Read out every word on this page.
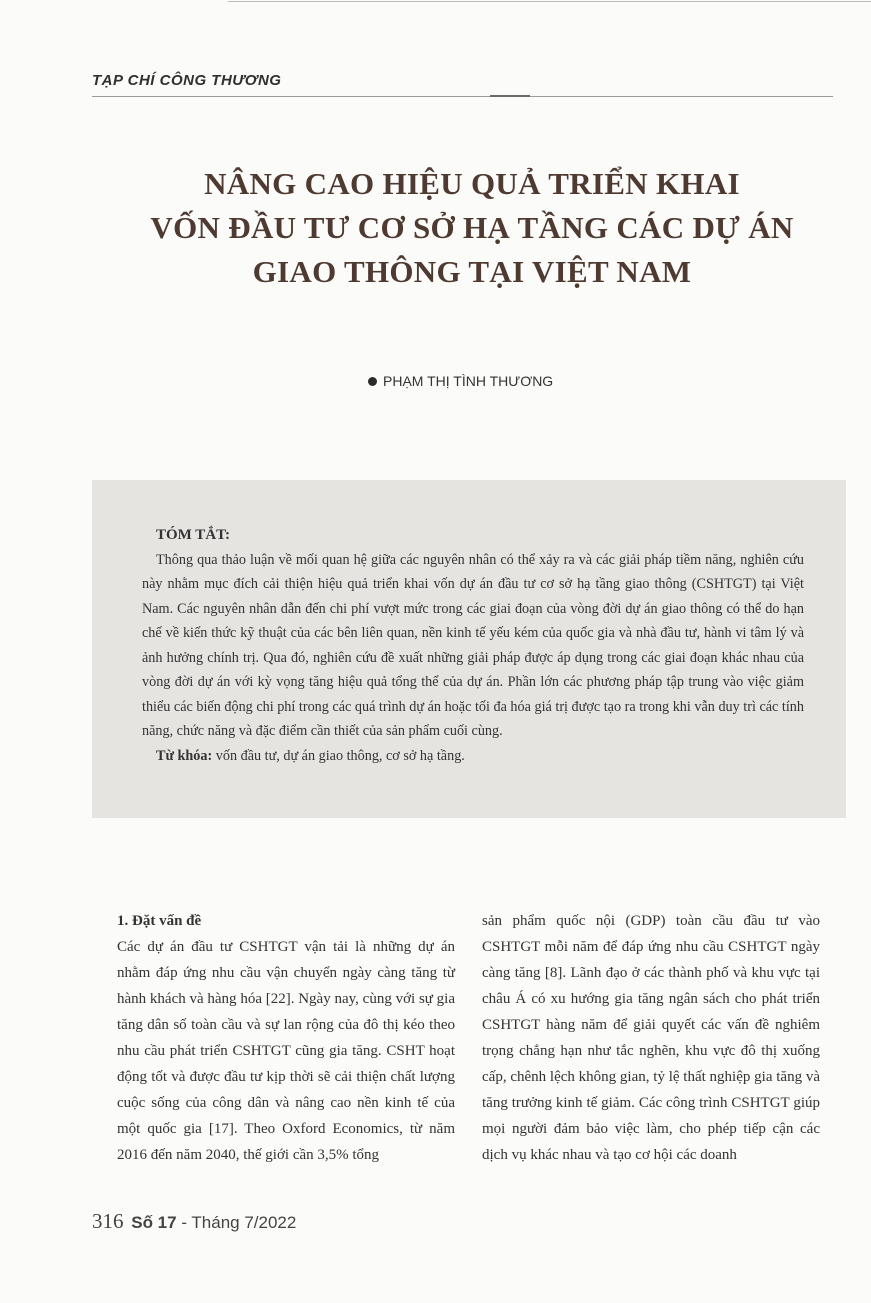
TẠP CHÍ CÔNG THƯƠNG
NÂNG CAO HIỆU QUẢ TRIỂN KHAI
VỐN ĐẦU TƯ CƠ SỞ HẠ TẦNG CÁC DỰ ÁN
GIAO THÔNG TẠI VIỆT NAM
PHẠM THỊ TÌNH THƯƠNG

TÓM TẮT:

Thông qua thảo luận về mối quan hệ giữa các nguyên nhân có thể xảy ra và các giải pháp tiềm năng, nghiên cứu này nhằm mục đích cải thiện hiệu quả triển khai vốn dự án đầu tư cơ sở hạ tầng giao thông (CSHTGT) tại Việt Nam. Các nguyên nhân dẫn đến chi phí vượt mức trong các giai đoạn của vòng đời dự án giao thông có thể do hạn chế về kiến thức kỹ thuật của các bên liên quan, nền kinh tế yếu kém của quốc gia và nhà đầu tư, hành vi tâm lý và ảnh hưởng chính trị. Qua đó, nghiên cứu đề xuất những giải pháp được áp dụng trong các giai đoạn khác nhau của vòng đời dự án với kỳ vọng tăng hiệu quả tổng thể của dự án. Phần lớn các phương pháp tập trung vào việc giảm thiểu các biến động chi phí trong các quá trình dự án hoặc tối đa hóa giá trị được tạo ra trong khi vẫn duy trì các tính năng, chức năng và đặc điểm cần thiết của sản phẩm cuối cùng.

Từ khóa: vốn đầu tư, dự án giao thông, cơ sở hạ tầng.

1. Đặt vấn đề

Các dự án đầu tư CSHTGT vận tải là những dự án nhằm đáp ứng nhu cầu vận chuyển ngày càng tăng từ hành khách và hàng hóa [22]. Ngày nay, cùng với sự gia tăng dân số toàn cầu và sự lan rộng của đô thị kéo theo nhu cầu phát triển CSHTGT cũng gia tăng. CSHT hoạt động tốt và được đầu tư kịp thời sẽ cải thiện chất lượng cuộc sống của công dân và nâng cao nền kinh tế của một quốc gia [17]. Theo Oxford Economics, từ năm 2016 đến năm 2040, thế giới cần 3,5% tổng

sản phẩm quốc nội (GDP) toàn cầu đầu tư vào CSHTGT mỗi năm để đáp ứng nhu cầu CSHTGT ngày càng tăng [8]. Lãnh đạo ở các thành phố và khu vực tại châu Á có xu hướng gia tăng ngân sách cho phát triển CSHTGT hàng năm để giải quyết các vấn đề nghiêm trọng chẳng hạn như tắc nghẽn, khu vực đô thị xuống cấp, chênh lệch không gian, tỷ lệ thất nghiệp gia tăng và tăng trưởng kinh tế giảm. Các công trình CSHTGT giúp mọi người đảm bảo việc làm, cho phép tiếp cận các dịch vụ khác nhau và tạo cơ hội các doanh

316 Số 17 - Tháng 7/2022
